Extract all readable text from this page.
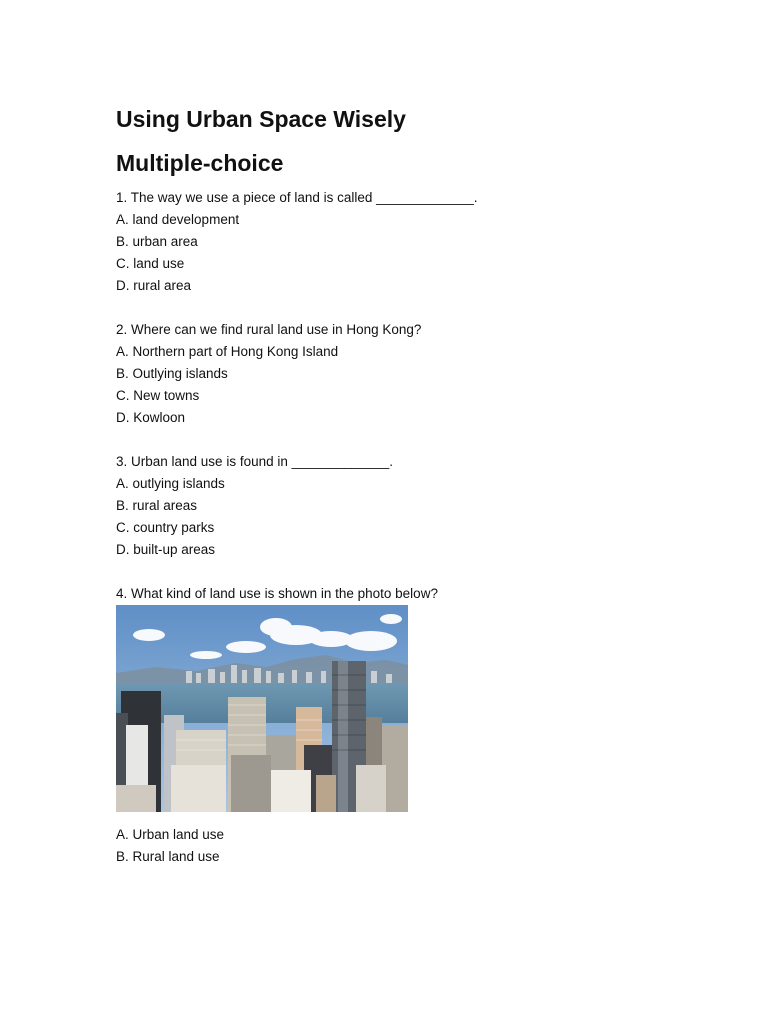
Using Urban Space Wisely
Multiple-choice
1. The way we use a piece of land is called _____________.
A. land development
B. urban area
C. land use
D. rural area
2. Where can we find rural land use in Hong Kong?
A. Northern part of Hong Kong Island
B. Outlying islands
C. New towns
D. Kowloon
3. Urban land use is found in _____________.
A. outlying islands
B. rural areas
C. country parks
D. built-up areas
4. What kind of land use is shown in the photo below?
A. Urban land use
B. Rural land use
